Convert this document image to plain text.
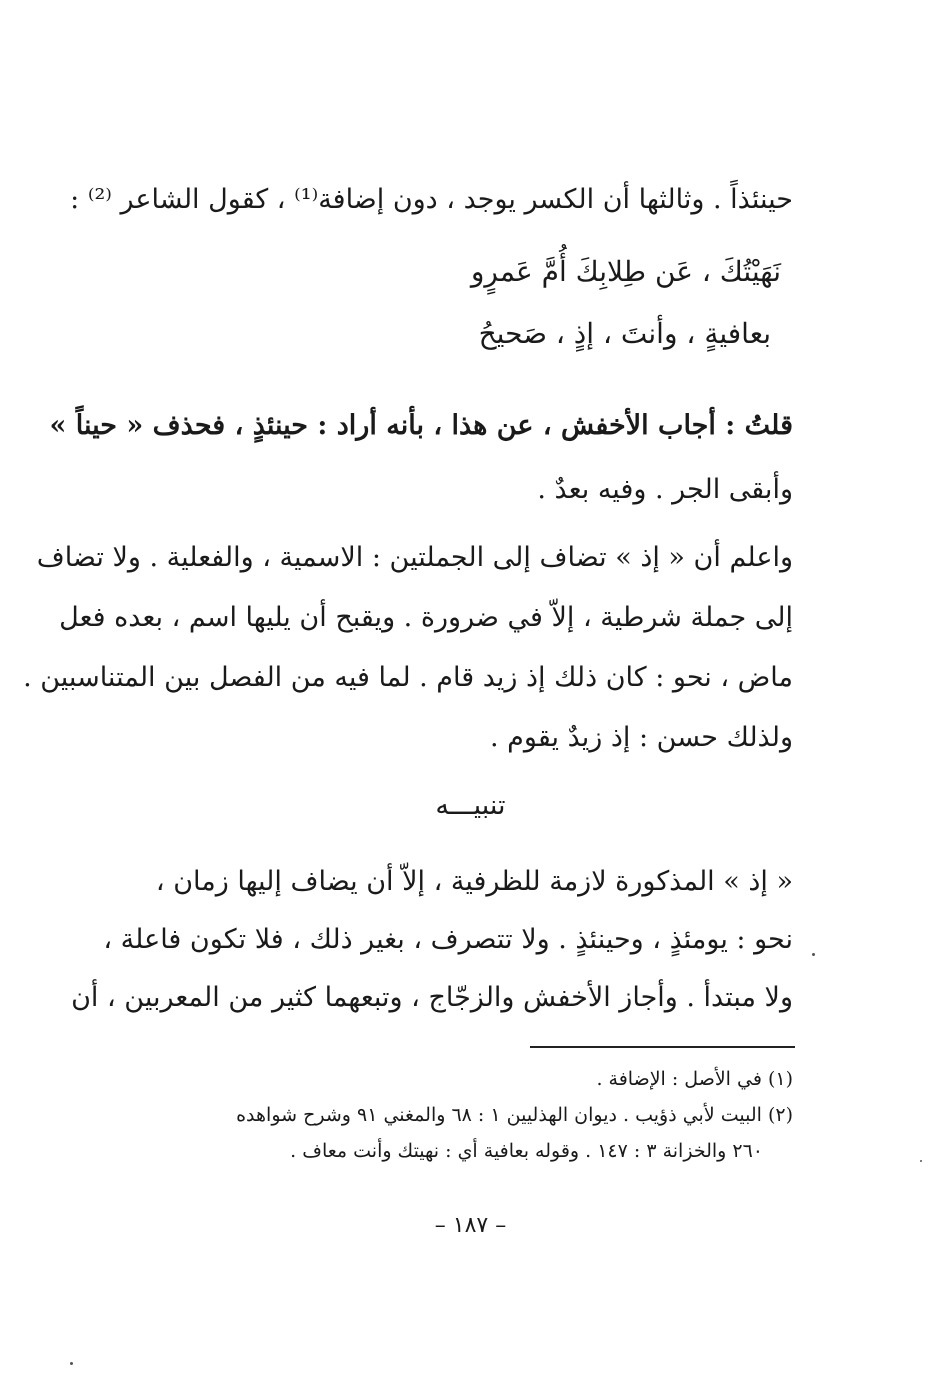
حينئذاً . وثالثها أن الكسر يوجد ، دون إضافة⁽¹⁾ ، كقول الشاعر ⁽²⁾ :
نَهَيْتُكَ ، عَن طِلابِكَ أُمَّ عَمرٍو
بعافيةٍ ، وأنتَ ، إذٍ ، صَحيحُ
قلتُ : أجاب الأخفش ، عن هذا ، بأنه أراد : حينئذٍ ، فحذف « حيناً »
وأبقى الجر . وفيه بعدٌ .
واعلم أن « إذ » تضاف إلى الجملتين : الاسمية ، والفعلية . ولا تضاف
إلى جملة شرطية ، إلاّ في ضرورة . ويقبح أن يليها اسم ، بعده فعل
ماض ، نحو : كان ذلك إذ زيد قام . لما فيه من الفصل بين المتناسبين .
ولذلك حسن : إذ زيدٌ يقوم .
تنبيـــه
« إذ » المذكورة لازمة للظرفية ، إلاّ أن يضاف إليها زمان ،
نحو : يومئذٍ ، وحينئذٍ . ولا تتصرف ، بغير ذلك ، فلا تكون فاعلة ،
ولا مبتدأ . وأجاز الأخفش والزجّاج ، وتبعهما كثير من المعربين ، أن
(١) في الأصل : الإضافة .
(٢) البيت لأبي ذؤيب . ديوان الهذليين ١ : ٦٨ والمغني ٩١ وشرح شواهده
٢٦٠ والخزانة ٣ : ١٤٧ . وقوله بعافية أي : نهيتك وأنت معاف .
– ١٨٧ –
